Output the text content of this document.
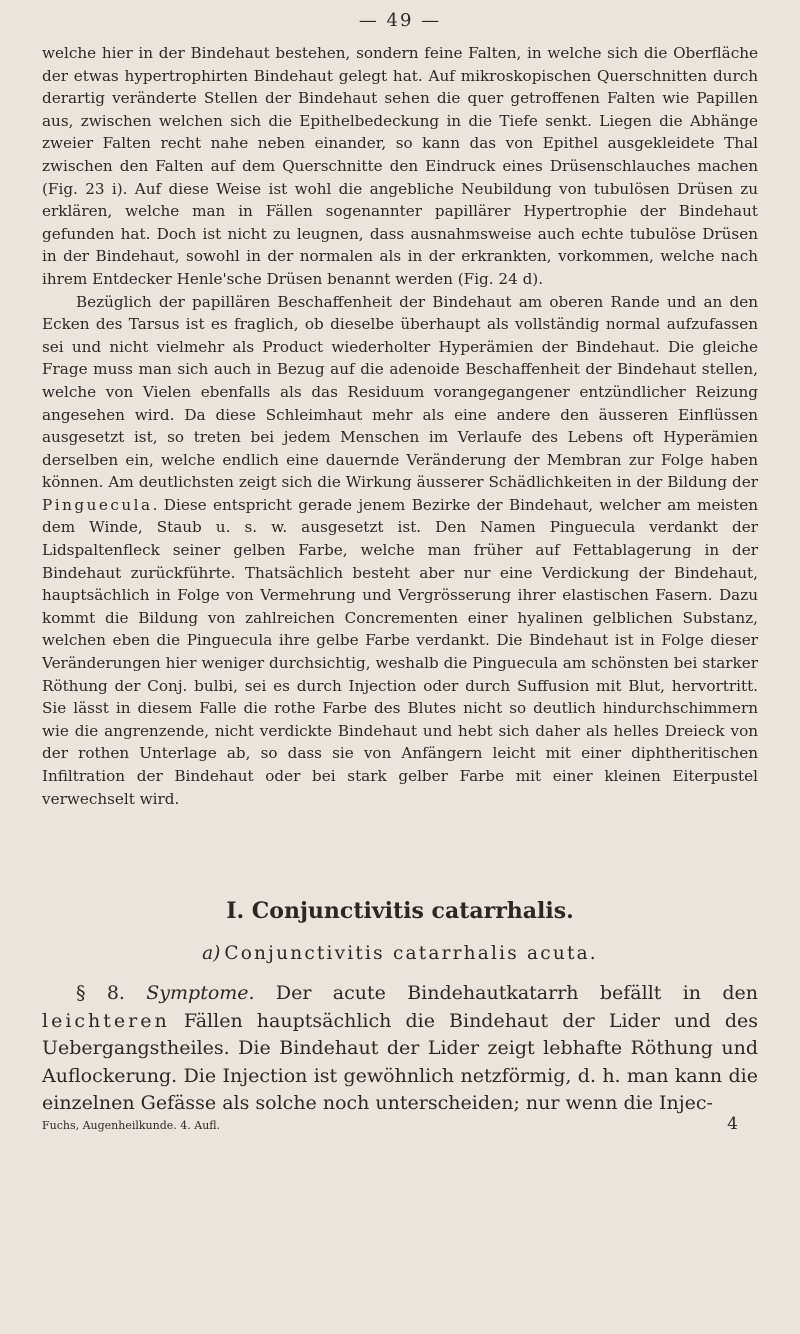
— 49 —

welche hier in der Bindehaut bestehen, sondern feine Falten, in welche sich die Oberfläche der etwas hypertrophirten Bindehaut gelegt hat. Auf mikroskopischen Querschnitten durch derartig veränderte Stellen der Bindehaut sehen die quer getroffenen Falten wie Papillen aus, zwischen welchen sich die Epithelbedeckung in die Tiefe senkt. Liegen die Abhänge zweier Falten recht nahe neben einander, so kann das von Epithel ausgekleidete Thal zwischen den Falten auf dem Querschnitte den Eindruck eines Drüsenschlauches machen (Fig. 23 i). Auf diese Weise ist wohl die angebliche Neubildung von tubulösen Drüsen zu erklären, welche man in Fällen sogenannter papillärer Hypertrophie der Bindehaut gefunden hat. Doch ist nicht zu leugnen, dass ausnahmsweise auch echte tubulöse Drüsen in der Bindehaut, sowohl in der normalen als in der erkrankten, vorkommen, welche nach ihrem Entdecker Henle'sche Drüsen benannt werden (Fig. 24 d).

Bezüglich der papillären Beschaffenheit der Bindehaut am oberen Rande und an den Ecken des Tarsus ist es fraglich, ob dieselbe überhaupt als vollständig normal aufzufassen sei und nicht vielmehr als Product wiederholter Hyperämien der Bindehaut. Die gleiche Frage muss man sich auch in Bezug auf die adenoide Beschaffenheit der Bindehaut stellen, welche von Vielen ebenfalls als das Residuum vorangegangener entzündlicher Reizung angesehen wird. Da diese Schleimhaut mehr als eine andere den äusseren Einflüssen ausgesetzt ist, so treten bei jedem Menschen im Verlaufe des Lebens oft Hyperämien derselben ein, welche endlich eine dauernde Veränderung der Membran zur Folge haben können. Am deutlichsten zeigt sich die Wirkung äusserer Schädlichkeiten in der Bildung der Pinguecula. Diese entspricht gerade jenem Bezirke der Bindehaut, welcher am meisten dem Winde, Staub u. s. w. ausgesetzt ist. Den Namen Pinguecula verdankt der Lidspaltenfleck seiner gelben Farbe, welche man früher auf Fettablagerung in der Bindehaut zurückführte. Thatsächlich besteht aber nur eine Verdickung der Bindehaut, hauptsächlich in Folge von Vermehrung und Vergrösserung ihrer elastischen Fasern. Dazu kommt die Bildung von zahlreichen Concrementen einer hyalinen gelblichen Substanz, welchen eben die Pinguecula ihre gelbe Farbe verdankt. Die Bindehaut ist in Folge dieser Veränderungen hier weniger durchsichtig, weshalb die Pinguecula am schönsten bei starker Röthung der Conj. bulbi, sei es durch Injection oder durch Suffusion mit Blut, hervortritt. Sie lässt in diesem Falle die rothe Farbe des Blutes nicht so deutlich hindurchschimmern wie die angrenzende, nicht verdickte Bindehaut und hebt sich daher als helles Dreieck von der rothen Unterlage ab, so dass sie von Anfängern leicht mit einer diphtheritischen Infiltration der Bindehaut oder bei stark gelber Farbe mit einer kleinen Eiterpustel verwechselt wird.

I. Conjunctivitis catarrhalis.
a) Conjunctivitis catarrhalis acuta.
§ 8. Symptome. Der acute Bindehautkatarrh befällt in den leichteren Fällen hauptsächlich die Bindehaut der Lider und des Uebergangstheiles. Die Bindehaut der Lider zeigt lebhafte Röthung und Auflockerung. Die Injection ist gewöhnlich netzförmig, d. h. man kann die einzelnen Gefässe als solche noch unterscheiden; nur wenn die Injec-
Fuchs, Augenheilkunde. 4. Aufl.	4
